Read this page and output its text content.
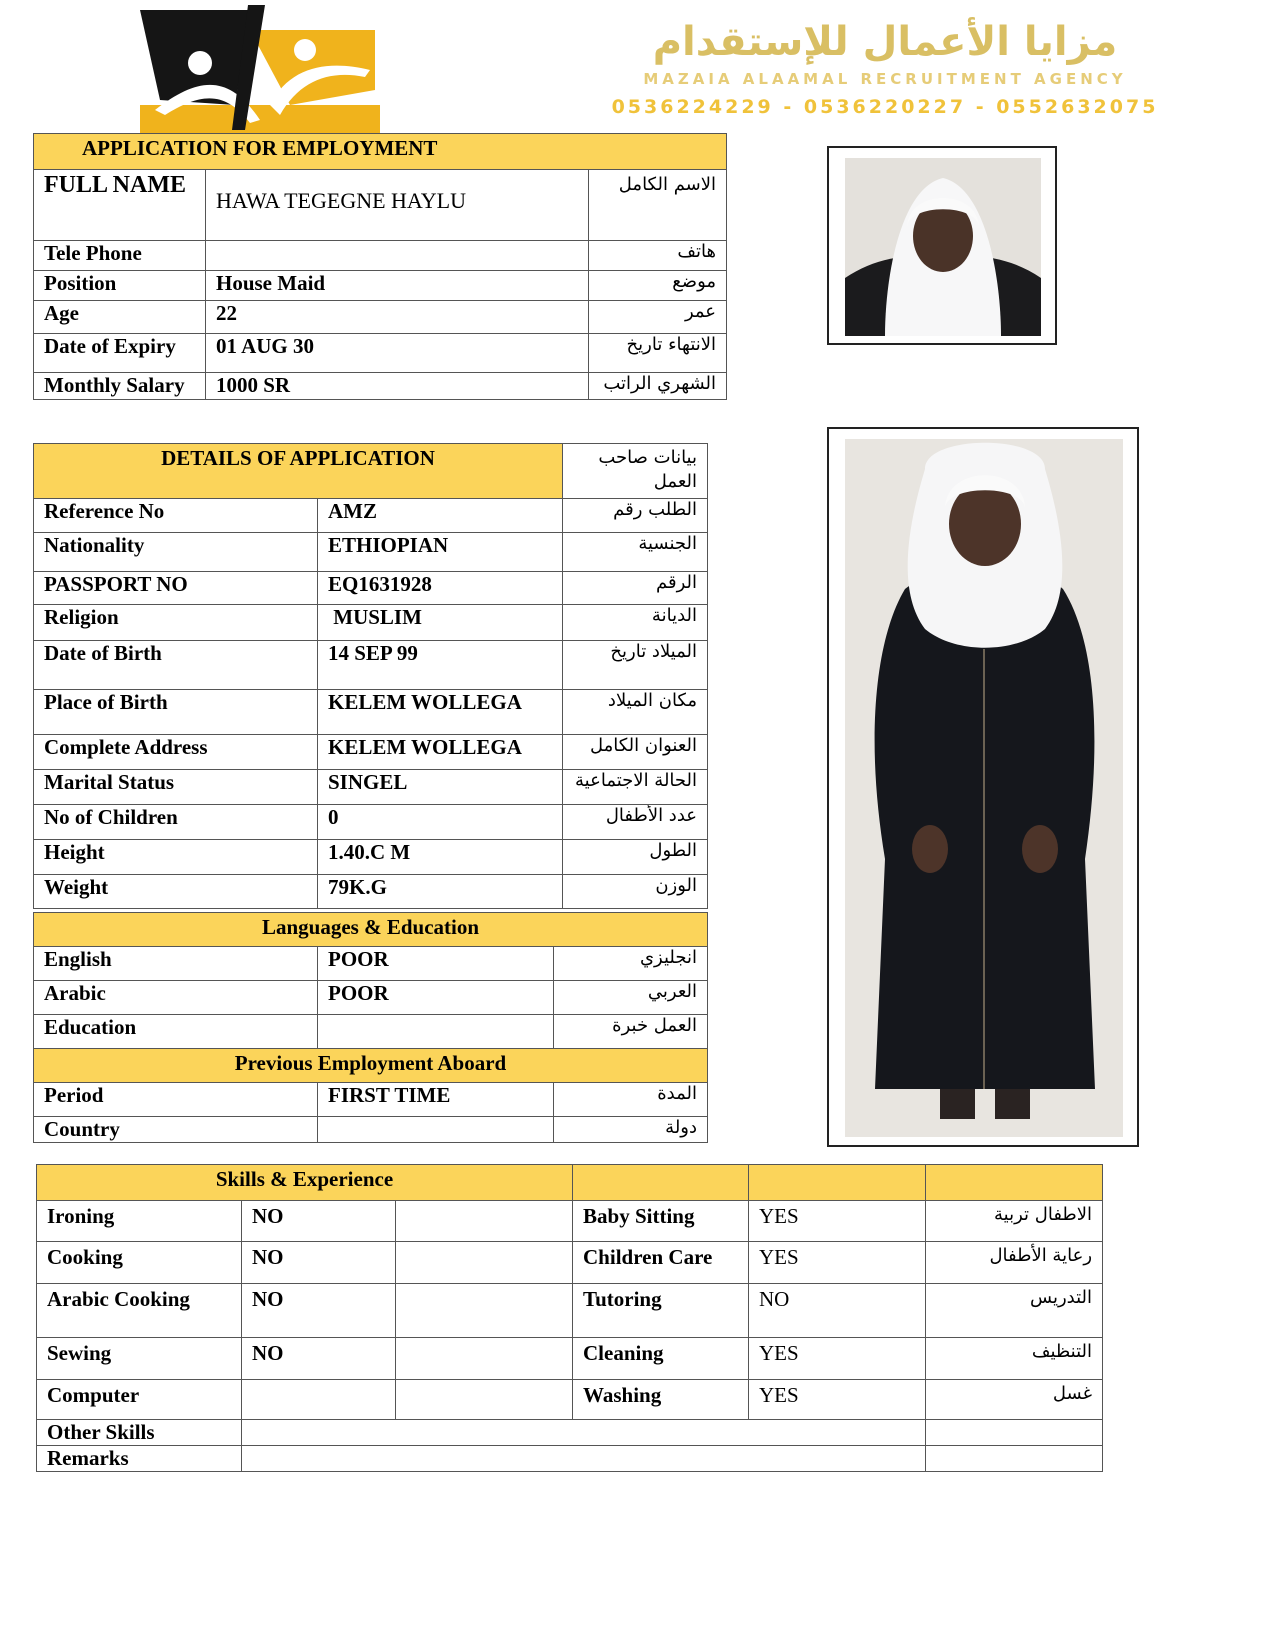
مزايا الأعمال للإستقدام
MAZAIA ALAAMAL RECRUITMENT AGENCY
0536224229 - 0536220227 - 0552632075
APPLICATION FOR EMPLOYMENT		
FULL NAME	HAWA TEGEGNE HAYLU	الاسم الكامل
Tele Phone		هاتف
Position	House Maid	موضع
Age	22	عمر
Date of Expiry	01 AUG 30	الانتهاء تاريخ
Monthly Salary	1000 SR	الشهري الراتب
DETAILS OF APPLICATION		بيانات صاحب العمل
Reference No	AMZ	الطلب رقم
Nationality	ETHIOPIAN	الجنسية
PASSPORT NO	EQ1631928	الرقم
Religion	MUSLIM	الديانة
Date of Birth	14 SEP 99	الميلاد تاريخ
Place of Birth	KELEM WOLLEGA	مكان الميلاد
Complete Address	KELEM WOLLEGA	العنوان الكامل
Marital Status	SINGEL	الحالة الاجتماعية
No of Children	0	عدد الأطفال
Height	1.40.C M	الطول
Weight	79K.G	الوزن
Languages & Education		
English	POOR	انجليزي
Arabic	POOR	العربي
Education		العمل خبرة
Previous Employment Aboard		
Period	FIRST TIME	المدة
Country		دولة
Skills & Experience					
Ironing	NO		Baby Sitting	YES	الاطفال تربية
Cooking	NO		Children Care	YES	رعاية الأطفال
Arabic Cooking	NO		Tutoring	NO	التدريس
Sewing	NO		Cleaning	YES	التنظيف
Computer			Washing	YES	غسل
Other Skills					
Remarks					
